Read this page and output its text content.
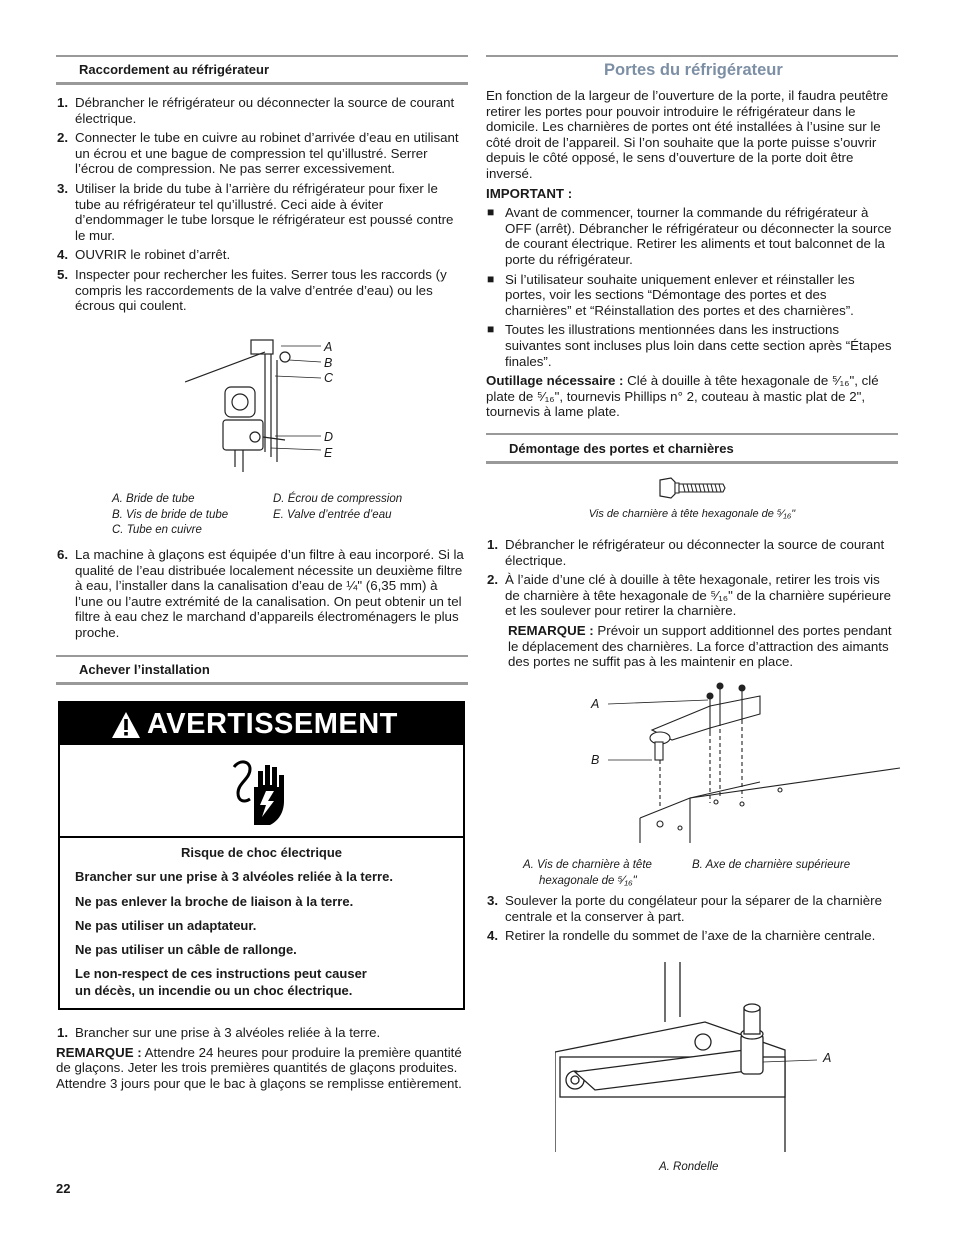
Raccordement au réfrigérateur
1. Débrancher le réfrigérateur ou déconnecter la source de courant électrique.
2. Connecter le tube en cuivre au robinet d’arrivée d’eau en utilisant un écrou et une bague de compression tel qu’illustré. Serrer l’écrou de compression. Ne pas serrer excessivement.
3. Utiliser la bride du tube à l’arrière du réfrigérateur pour fixer le tube au réfrigérateur tel qu’illustré. Ceci aide à éviter d’endommager le tube lorsque le réfrigérateur est poussé contre le mur.
4. OUVRIR le robinet d’arrêt.
5. Inspecter pour rechercher les fuites. Serrer tous les raccords (y compris les raccordements de la valve d’entrée d’eau) ou les écrous qui coulent.
A
B
C
D
E
A. Bride de tube
B. Vis de bride de tube
C. Tube en cuivre
D. Écrou de compression
E. Valve d’entrée d’eau
6. La machine à glaçons est équipée d’un filtre à eau incorporé. Si la qualité de l’eau distribuée localement nécessite un deuxième filtre à eau, l’installer dans la canalisation d’eau de ¼" (6,35 mm) à l’une ou l’autre extrémité de la canalisation. On peut obtenir un tel filtre à eau chez le marchand d’appareils électroménagers le plus proche.
Achever l’installation
AVERTISSEMENT
Risque de choc électrique
Brancher sur une prise à 3 alvéoles reliée à la terre.
Ne pas enlever la broche de liaison à la terre.
Ne pas utiliser un adaptateur.
Ne pas utiliser un câble de rallonge.
Le non-respect de ces instructions peut causer
un décès, un incendie ou un choc électrique.
1. Brancher sur une prise à 3 alvéoles reliée à la terre.

REMARQUE : Attendre 24 heures pour produire la première quantité de glaçons. Jeter les trois premières quantités de glaçons produites. Attendre 3 jours pour que le bac à glaçons se remplisse entièrement.

22
Portes du réfrigérateur

En fonction de la largeur de l’ouverture de la porte, il faudra peutêtre retirer les portes pour pouvoir introduire le réfrigérateur dans le domicile. Les charnières de portes ont été installées à l’usine sur le côté droit de l’appareil. Si l’on souhaite que la porte puisse s’ouvrir depuis le côté opposé, le sens d’ouverture de la porte doit être inversé.

IMPORTANT :

■ Avant de commencer, tourner la commande du réfrigérateur à OFF (arrêt). Débrancher le réfrigérateur ou déconnecter la source de courant électrique. Retirer les aliments et tout balconnet de la porte du réfrigérateur.
■ Si l’utilisateur souhaite uniquement enlever et réinstaller les portes, voir les sections “Démontage des portes et des charnières” et “Réinstallation des portes et des charnières”.
■ Toutes les illustrations mentionnées dans les instructions suivantes sont incluses plus loin dans cette section après “Étapes finales”.

Outillage nécessaire : Clé à douille à tête hexagonale de ⁵⁄₁₆", clé plate de ⁵⁄₁₆", tournevis Phillips n° 2, couteau à mastic plat de 2", tournevis à lame plate.

Démontage des portes et charnières
Vis de charnière à tête hexagonale de ⁵⁄₁₆"
1. Débrancher le réfrigérateur ou déconnecter la source de courant électrique.
2. À l’aide d’une clé à douille à tête hexagonale, retirer les trois vis de charnière à tête hexagonale de ⁵⁄₁₆" de la charnière supérieure et les soulever pour retirer la charnière.

REMARQUE : Prévoir un support additionnel des portes pendant le déplacement des charnières. La force d’attraction des aimants des portes ne suffit pas à les maintenir en place.

A
B
A. Vis de charnière à tête
hexagonale de ⁵⁄₁₆"
B. Axe de charnière supérieure
3. Soulever la porte du congélateur pour la séparer de la charnière centrale et la conserver à part.
4. Retirer la rondelle du sommet de l’axe de la charnière centrale.
A
A. Rondelle
